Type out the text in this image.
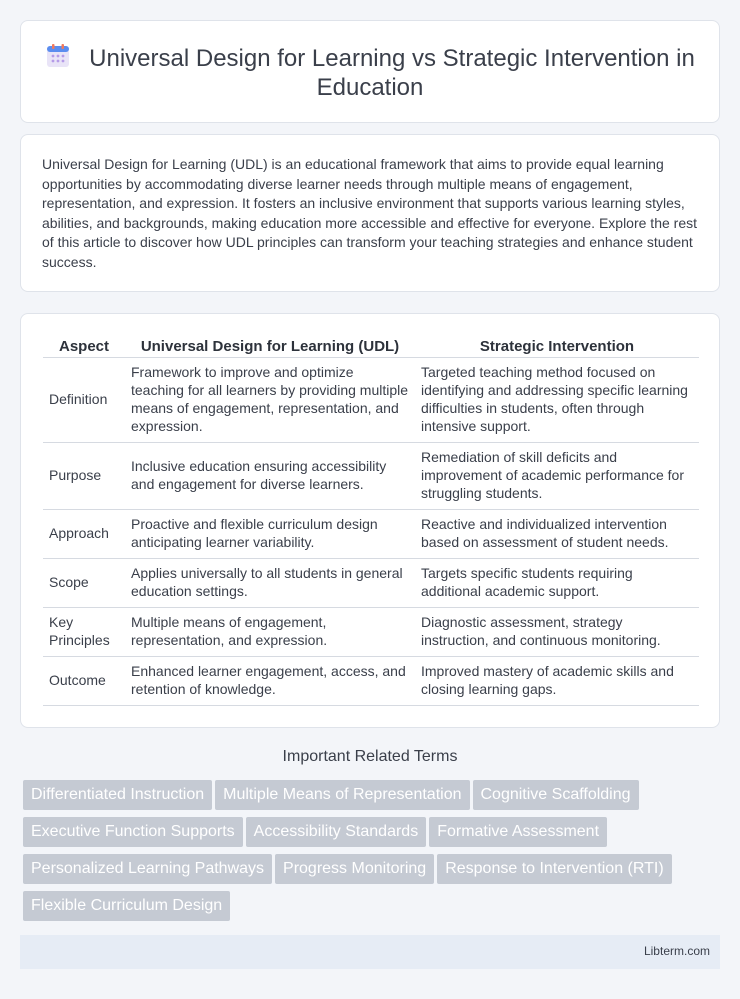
Universal Design for Learning vs Strategic Intervention in Education

Universal Design for Learning (UDL) is an educational framework that aims to provide equal learning opportunities by accommodating diverse learner needs through multiple means of engagement, representation, and expression. It fosters an inclusive environment that supports various learning styles, abilities, and backgrounds, making education more accessible and effective for everyone. Explore the rest of this article to discover how UDL principles can transform your teaching strategies and enhance student success.

Aspect	Universal Design for Learning (UDL)	Strategic Intervention
Definition	Framework to improve and optimize teaching for all learners by providing multiple means of engagement, representation, and expression.	Targeted teaching method focused on identifying and addressing specific learning difficulties in students, often through intensive support.
Purpose	Inclusive education ensuring accessibility and engagement for diverse learners.	Remediation of skill deficits and improvement of academic performance for struggling students.
Approach	Proactive and flexible curriculum design anticipating learner variability.	Reactive and individualized intervention based on assessment of student needs.
Scope	Applies universally to all students in general education settings.	Targets specific students requiring additional academic support.
Key Principles	Multiple means of engagement, representation, and expression.	Diagnostic assessment, strategy instruction, and continuous monitoring.
Outcome	Enhanced learner engagement, access, and retention of knowledge.	Improved mastery of academic skills and closing learning gaps.
Important Related Terms
Differentiated Instruction Multiple Means of Representation Cognitive Scaffolding
Executive Function Supports Accessibility Standards Formative Assessment
Personalized Learning Pathways Progress Monitoring Response to Intervention (RTI)
Flexible Curriculum Design
Libterm.com
